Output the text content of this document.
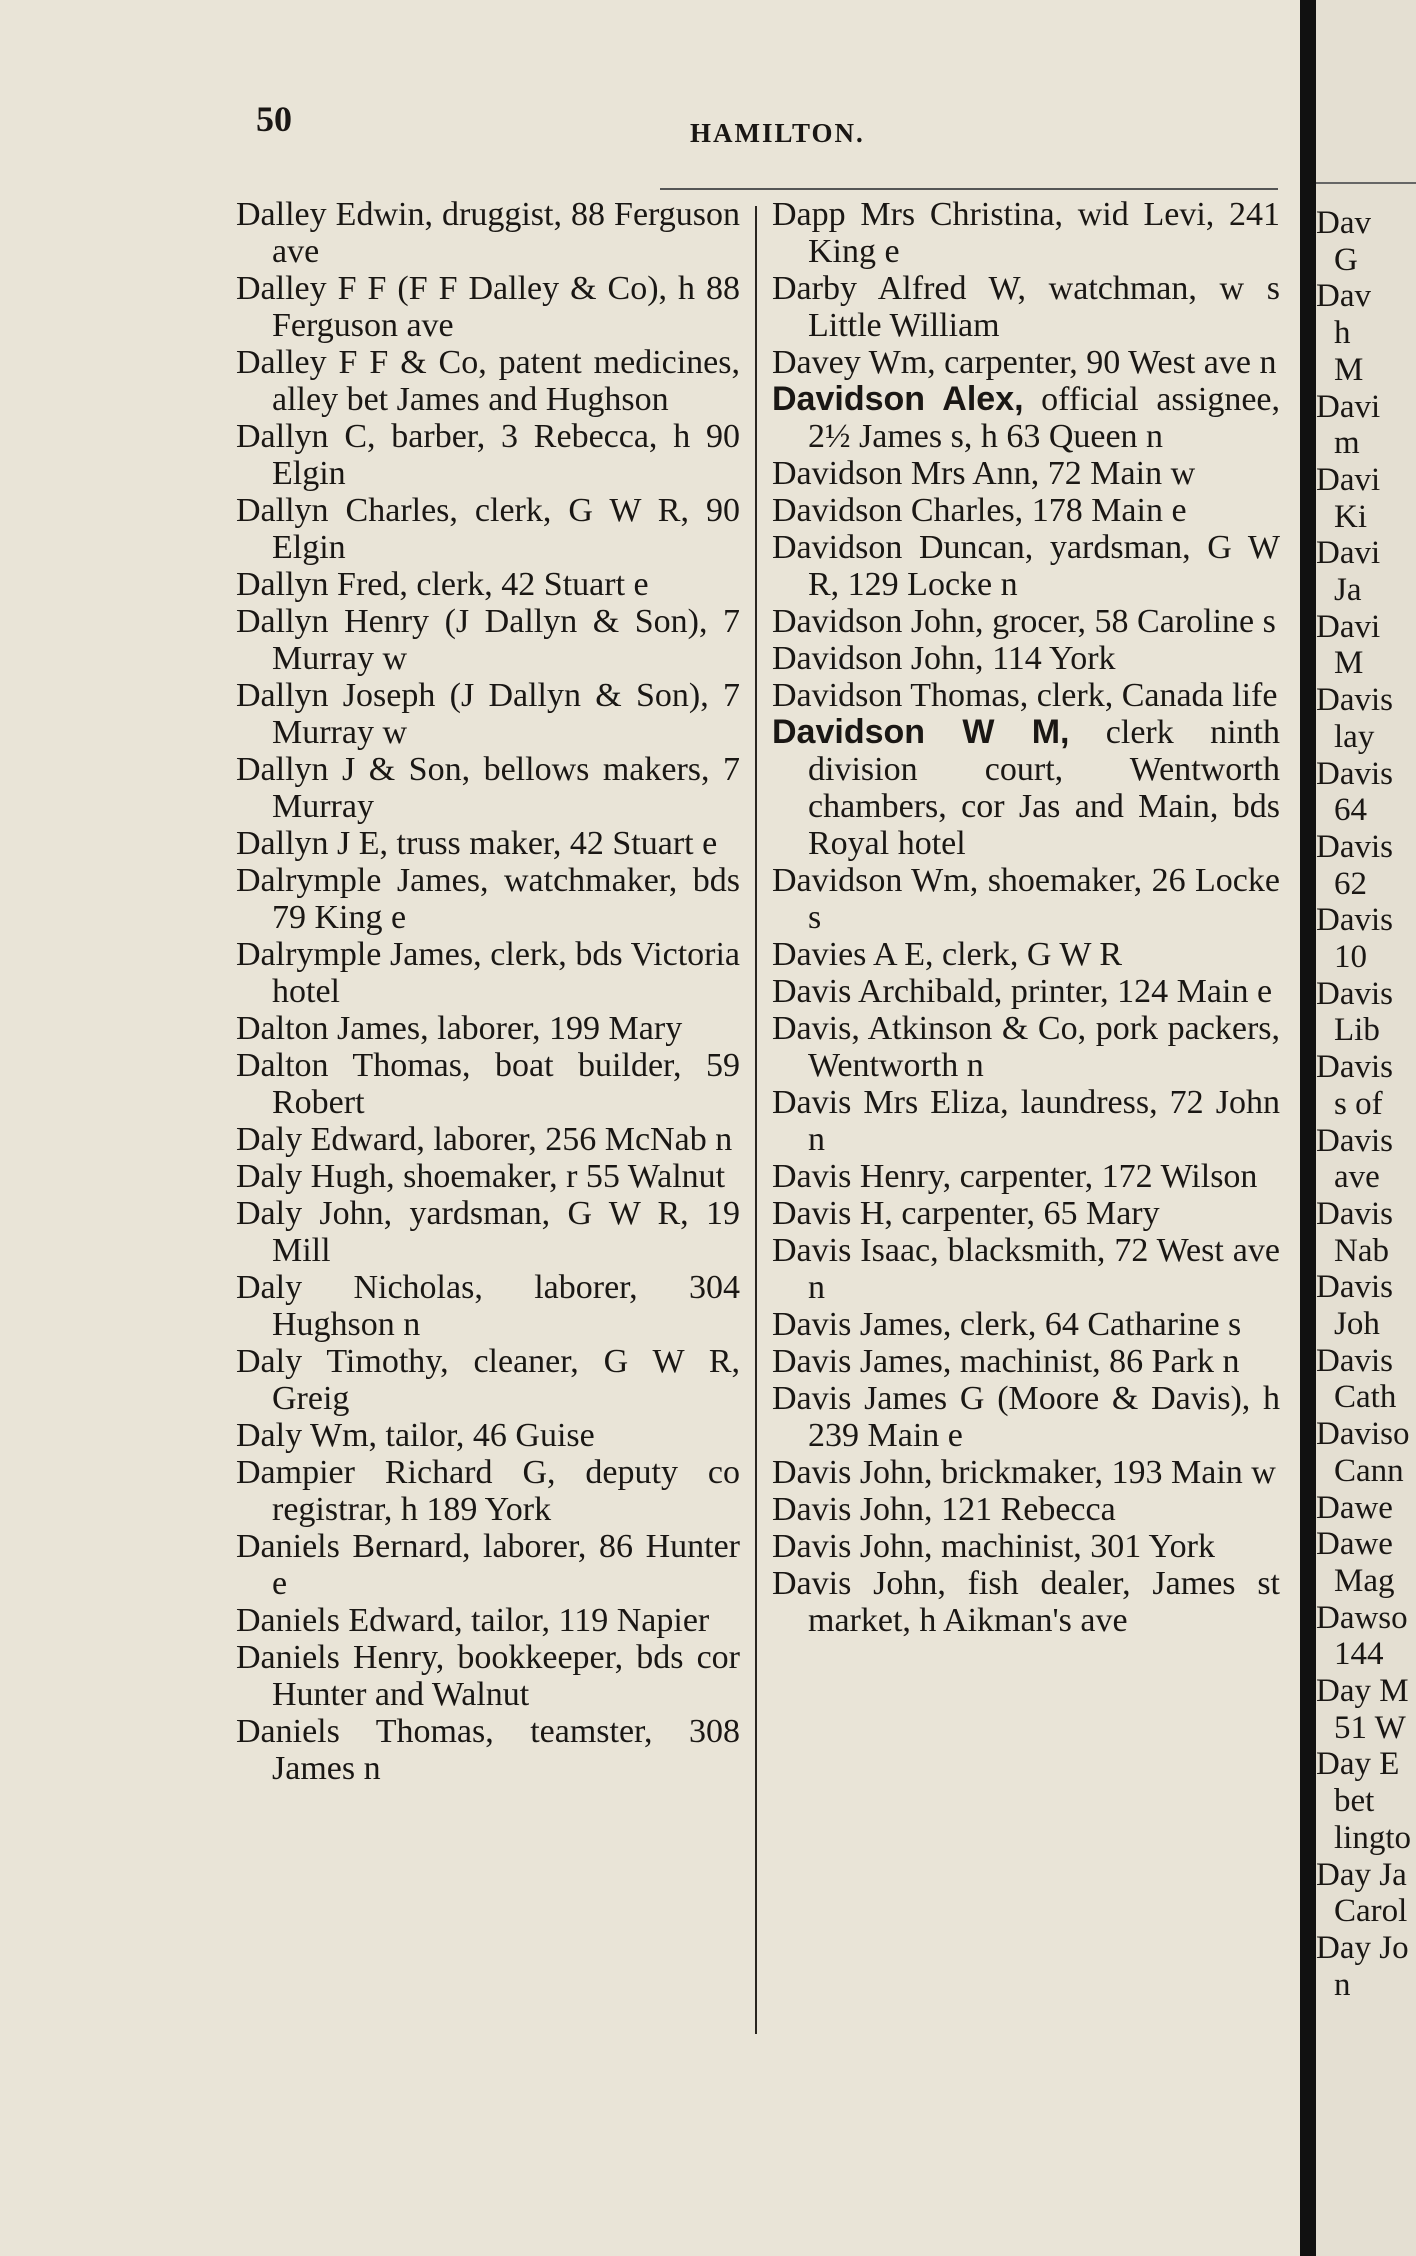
50	HAMILTON.
Dalley Edwin, druggist, 88 Ferguson ave
Dalley F F (F F Dalley & Co), h 88 Ferguson ave
Dalley F F & Co, patent medicines, alley bet James and Hughson
Dallyn C, barber, 3 Rebecca, h 90 Elgin
Dallyn Charles, clerk, G W R, 90 Elgin
Dallyn Fred, clerk, 42 Stuart e
Dallyn Henry (J Dallyn & Son), 7 Murray w
Dallyn Joseph (J Dallyn & Son), 7 Murray w
Dallyn J & Son, bellows makers, 7 Murray
Dallyn J E, truss maker, 42 Stuart e
Dalrymple James, watchmaker, bds 79 King e
Dalrymple James, clerk, bds Victoria hotel
Dalton James, laborer, 199 Mary
Dalton Thomas, boat builder, 59 Robert
Daly Edward, laborer, 256 McNab n
Daly Hugh, shoemaker, r 55 Walnut
Daly John, yardsman, G W R, 19 Mill
Daly Nicholas, laborer, 304 Hughson n
Daly Timothy, cleaner, G W R, Greig
Daly Wm, tailor, 46 Guise
Dampier Richard G, deputy co registrar, h 189 York
Daniels Bernard, laborer, 86 Hunter e
Daniels Edward, tailor, 119 Napier
Daniels Henry, bookkeeper, bds cor Hunter and Walnut
Daniels Thomas, teamster, 308 James n
Dapp Mrs Christina, wid Levi, 241 King e
Darby Alfred W, watchman, w s Little William
Davey Wm, carpenter, 90 West ave n
Davidson Alex, official assignee, 2½ James s, h 63 Queen n
Davidson Mrs Ann, 72 Main w
Davidson Charles, 178 Main e
Davidson Duncan, yardsman, G W R, 129 Locke n
Davidson John, grocer, 58 Caroline s
Davidson John, 114 York
Davidson Thomas, clerk, Canada life
Davidson W M, clerk ninth division court, Wentworth chambers, cor Jas and Main, bds Royal hotel
Davidson Wm, shoemaker, 26 Locke s
Davies A E, clerk, G W R
Davis Archibald, printer, 124 Main e
Davis, Atkinson & Co, pork packers, Wentworth n
Davis Mrs Eliza, laundress, 72 John n
Davis Henry, carpenter, 172 Wilson
Davis H, carpenter, 65 Mary
Davis Isaac, blacksmith, 72 West ave n
Davis James, clerk, 64 Catharine s
Davis James, machinist, 86 Park n
Davis James G (Moore & Davis), h 239 Main e
Davis John, brickmaker, 193 Main w
Davis John, 121 Rebecca
Davis John, machinist, 301 York
Davis John, fish dealer, James st market, h Aikman's ave
Dav
G
Dav
h
M
Davi
m
Davi
Ki
Davi
Ja
Davi
M
Davis
lay
Davis
64
Davis
62
Davis
10
Davis
Lib
Davis
s of
Davis
ave
Davis
Nab
Davis
Joh
Davis
Cath
Daviso
Cann
Dawe
Dawe
Mag
Dawso
144
Day M
51 W
Day E
bet
lingto
Day Ja
Carol
Day Jo
n
